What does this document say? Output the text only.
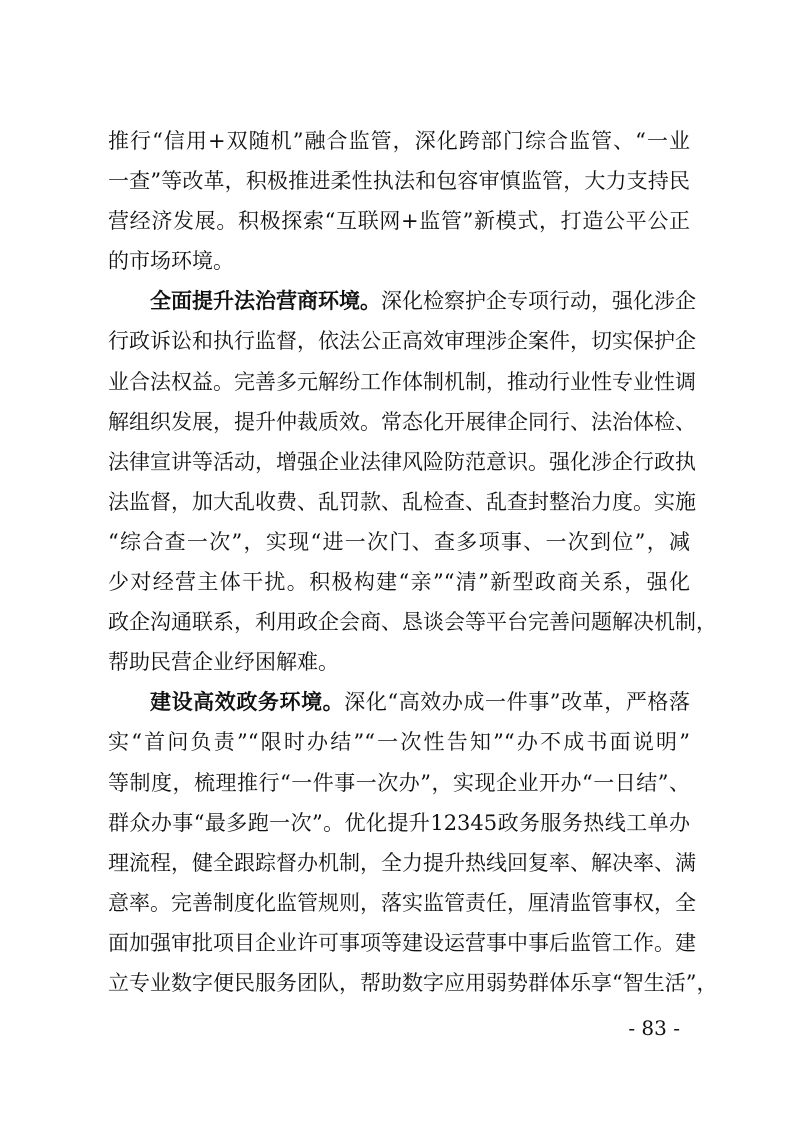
推行“信用+双随机”融合监管，深化跨部门综合监管、“一业
一查”等改革，积极推进柔性执法和包容审慎监管，大力支持民
营经济发展。积极探索“互联网+监管”新模式，打造公平公正
的市场环境。
全面提升法治营商环境。深化检察护企专项行动，强化涉企
行政诉讼和执行监督，依法公正高效审理涉企案件，切实保护企
业合法权益。完善多元解纷工作体制机制，推动行业性专业性调
解组织发展，提升仲裁质效。常态化开展律企同行、法治体检、
法律宣讲等活动，增强企业法律风险防范意识。强化涉企行政执
法监督，加大乱收费、乱罚款、乱检查、乱查封整治力度。实施
“综合查一次”，实现“进一次门、查多项事、一次到位”，减
少对经营主体干扰。积极构建“亲”“清”新型政商关系，强化
政企沟通联系，利用政企会商、恳谈会等平台完善问题解决机制，
帮助民营企业纾困解难。
建设高效政务环境。深化“高效办成一件事”改革，严格落
实“首问负责”“限时办结”“一次性告知”“办不成书面说明”
等制度，梳理推行“一件事一次办”，实现企业开办“一日结”、
群众办事“最多跑一次”。优化提升12345政务服务热线工单办
理流程，健全跟踪督办机制，全力提升热线回复率、解决率、满
意率。完善制度化监管规则，落实监管责任，厘清监管事权，全
面加强审批项目企业许可事项等建设运营事中事后监管工作。建
立专业数字便民服务团队，帮助数字应用弱势群体乐享“智生活”，
- 83 -
